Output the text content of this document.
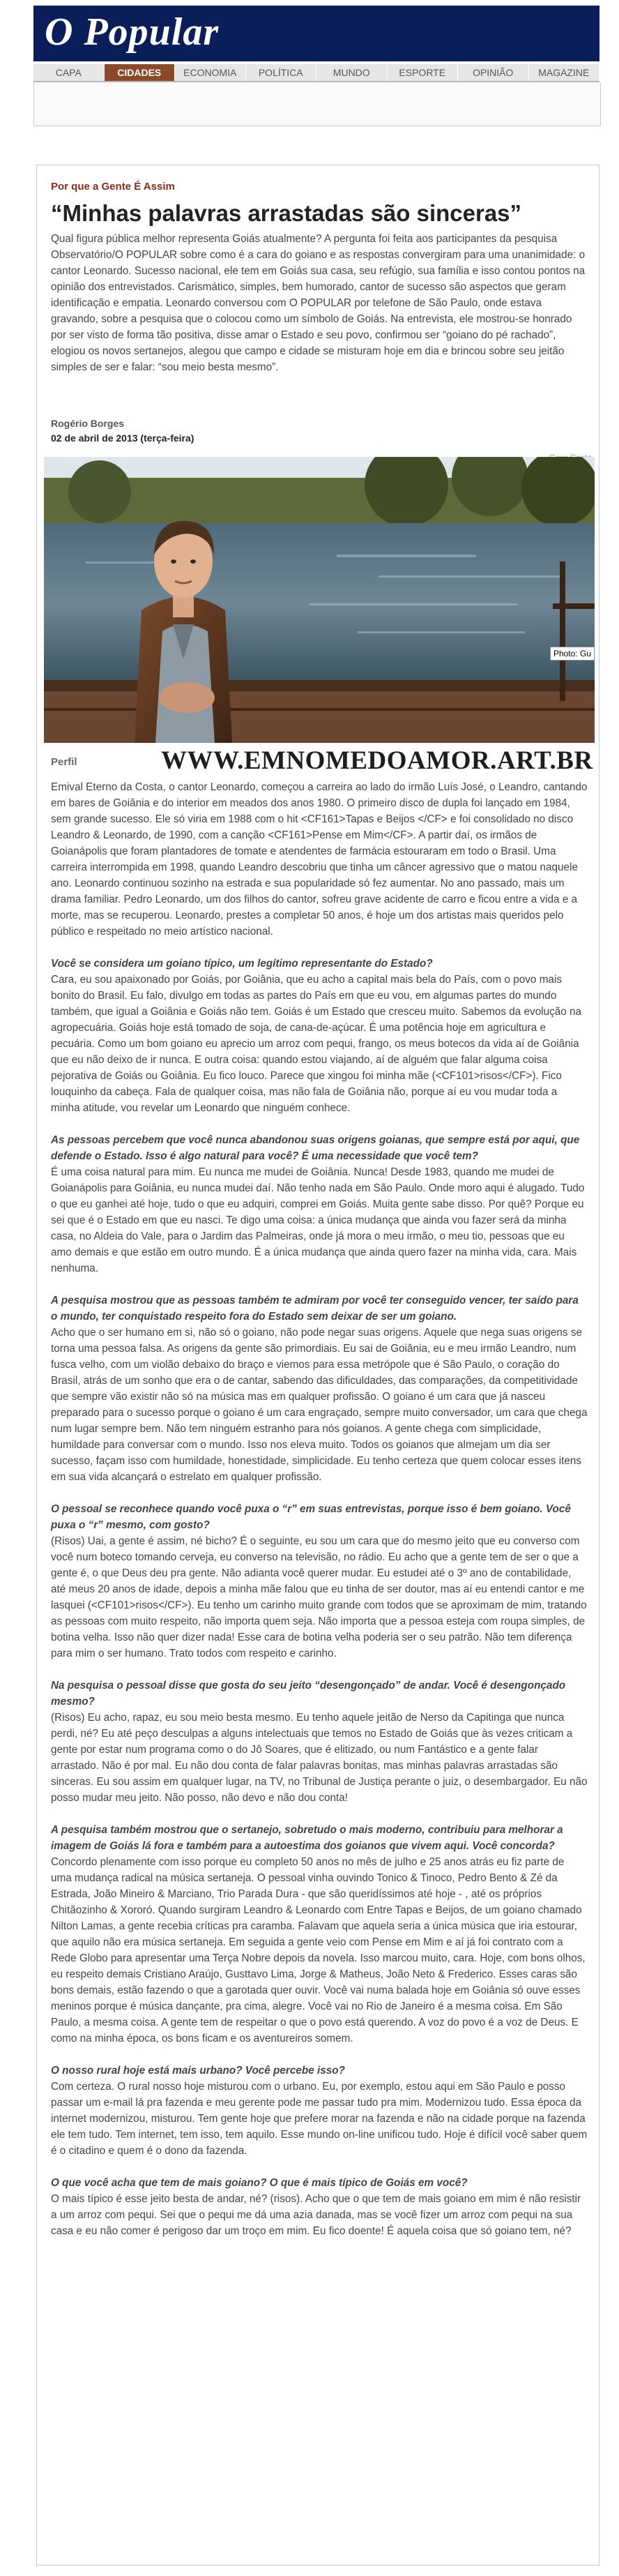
O Popular
CAPA	CIDADES	ECONOMIA	POLÍTICA	MUNDO	ESPORTE	OPINIÃO	MAGAZINE
Por que a Gente É Assim
“Minhas palavras arrastadas são sinceras”
Qual figura pública melhor representa Goiás atualmente? A pergunta foi feita aos participantes da pesquisa Observatório/O POPULAR sobre como é a cara do goiano e as respostas convergiram para uma unanimidade: o cantor Leonardo. Sucesso nacional, ele tem em Goiás sua casa, seu refúgio, sua família e isso contou pontos na opinião dos entrevistados. Carismático, simples, bem humorado, cantor de sucesso são aspectos que geram identificação e empatia. Leonardo conversou com O POPULAR por telefone de São Paulo, onde estava gravando, sobre a pesquisa que o colocou como um símbolo de Goiás. Na entrevista, ele mostrou-se honrado por ser visto de forma tão positiva, disse amar o Estado e seu povo, confirmou ser “goiano do pé rachado”, elogiou os novos sertanejos, alegou que campo e cidade se misturam hoje em dia e brincou sobre seu jeitão simples de ser e falar: “sou meio besta mesmo”.
Rogério Borges
02 de abril de 2013 (terça-feira)
Photo: Gu
Perfil	WWW.EMNOMEDOAMOR.ART.BR

Emival Eterno da Costa, o cantor Leonardo, começou a carreira ao lado do irmão Luís José, o Leandro, cantando em bares de Goiânia e do interior em meados dos anos 1980. O primeiro disco de dupla foi lançado em 1984, sem grande sucesso. Ele só viria em 1988 com o hit <CF161>Tapas e Beijos </CF> e foi consolidado no disco Leandro & Leonardo, de 1990, com a canção <CF161>Pense em Mim</CF>. A partir daí, os irmãos de Goianápolis que foram plantadores de tomate e atendentes de farmácia estouraram em todo o Brasil. Uma carreira interrompida em 1998, quando Leandro descobriu que tinha um câncer agressivo que o matou naquele ano. Leonardo continuou sozinho na estrada e sua popularidade só fez aumentar. No ano passado, mais um drama familiar. Pedro Leonardo, um dos filhos do cantor, sofreu grave acidente de carro e ficou entre a vida e a morte, mas se recuperou. Leonardo, prestes a completar 50 anos, é hoje um dos artistas mais queridos pelo público e respeitado no meio artístico nacional.

Você se considera um goiano típico, um legítimo representante do Estado?

Cara, eu sou apaixonado por Goiás, por Goiânia, que eu acho a capital mais bela do País, com o povo mais bonito do Brasil. Eu falo, divulgo em todas as partes do País em que eu vou, em algumas partes do mundo também, que igual a Goiânia e Goiás não tem. Goiás é um Estado que cresceu muito. Sabemos da evolução na agropecuária. Goiás hoje está tomado de soja, de cana-de-açúcar. É uma potência hoje em agricultura e pecuária. Como um bom goiano eu aprecio um arroz com pequi, frango, os meus botecos da vida aí de Goiânia que eu não deixo de ir nunca. E outra coisa: quando estou viajando, aí de alguém que falar alguma coisa pejorativa de Goiás ou Goiânia. Eu fico louco. Parece que xingou foi minha mãe (<CF101>risos</CF>). Fico louquinho da cabeça. Fala de qualquer coisa, mas não fala de Goiânia não, porque aí eu vou mudar toda a minha atitude, vou revelar um Leonardo que ninguém conhece.

As pessoas percebem que você nunca abandonou suas origens goianas, que sempre está por aqui, que defende o Estado. Isso é algo natural para você? É uma necessidade que você tem?

É uma coisa natural para mim. Eu nunca me mudei de Goiânia. Nunca! Desde 1983, quando me mudei de Goianápolis para Goiânia, eu nunca mudei daí. Não tenho nada em São Paulo. Onde moro aqui é alugado. Tudo o que eu ganhei até hoje, tudo o que eu adquiri, comprei em Goiás. Muita gente sabe disso. Por quê? Porque eu sei que é o Estado em que eu nasci. Te digo uma coisa: a única mudança que ainda vou fazer será da minha casa, no Aldeia do Vale, para o Jardim das Palmeiras, onde já mora o meu irmão, o meu tio, pessoas que eu amo demais e que estão em outro mundo. É a única mudança que ainda quero fazer na minha vida, cara. Mais nenhuma.

A pesquisa mostrou que as pessoas também te admiram por você ter conseguido vencer, ter saído para o mundo, ter conquistado respeito fora do Estado sem deixar de ser um goiano.

Acho que o ser humano em si, não só o goiano, não pode negar suas origens. Aquele que nega suas origens se torna uma pessoa falsa. As origens da gente são primordiais. Eu sai de Goiânia, eu e meu irmão Leandro, num fusca velho, com um violão debaixo do braço e viemos para essa metrópole que é São Paulo, o coração do Brasil, atrás de um sonho que era o de cantar, sabendo das dificuldades, das comparações, da competitividade que sempre vão existir não só na música mas em qualquer profissão. O goiano é um cara que já nasceu preparado para o sucesso porque o goiano é um cara engraçado, sempre muito conversador, um cara que chega num lugar sempre bem. Não tem ninguém estranho para nós goianos. A gente chega com simplicidade, humildade para conversar com o mundo. Isso nos eleva muito. Todos os goianos que almejam um dia ser sucesso, façam isso com humildade, honestidade, simplicidade. Eu tenho certeza que quem colocar esses itens em sua vida alcançará o estrelato em qualquer profissão.

O pessoal se reconhece quando você puxa o “r” em suas entrevistas, porque isso é bem goiano. Você puxa o “r” mesmo, com gosto?

(Risos) Uai, a gente é assim, né bicho? É o seguinte, eu sou um cara que do mesmo jeito que eu converso com você num boteco tomando cerveja, eu converso na televisão, no rádio. Eu acho que a gente tem de ser o que a gente é, o que Deus deu pra gente. Não adianta você querer mudar. Eu estudei até o 3º ano de contabilidade, até meus 20 anos de idade, depois a minha mãe falou que eu tinha de ser doutor, mas aí eu entendi cantor e me lasquei (<CF101>risos</CF>). Eu tenho um carinho muito grande com todos que se aproximam de mim, tratando as pessoas com muito respeito, não importa quem seja. Não importa que a pessoa esteja com roupa simples, de botina velha. Isso não quer dizer nada! Esse cara de botina velha poderia ser o seu patrão. Não tem diferença para mim o ser humano. Trato todos com respeito e carinho.

Na pesquisa o pessoal disse que gosta do seu jeito “desengonçado” de andar. Você é desengonçado mesmo?

(Risos) Eu acho, rapaz, eu sou meio besta mesmo. Eu tenho aquele jeitão de Nerso da Capitinga que nunca perdi, né? Eu até peço desculpas a alguns intelectuais que temos no Estado de Goiás que às vezes criticam a gente por estar num programa como o do Jô Soares, que é elitizado, ou num Fantástico e a gente falar arrastado. Não é por mal. Eu não dou conta de falar palavras bonitas, mas minhas palavras arrastadas são sinceras. Eu sou assim em qualquer lugar, na TV, no Tribunal de Justiça perante o juiz, o desembargador. Eu não posso mudar meu jeito. Não posso, não devo e não dou conta!

A pesquisa também mostrou que o sertanejo, sobretudo o mais moderno, contribuiu para melhorar a imagem de Goiás lá fora e também para a autoestima dos goianos que vivem aqui. Você concorda?

Concordo plenamente com isso porque eu completo 50 anos no mês de julho e 25 anos atrás eu fiz parte de uma mudança radical na música sertaneja. O pessoal vinha ouvindo Tonico & Tinoco, Pedro Bento & Zé da Estrada, João Mineiro & Marciano, Trio Parada Dura - que são queridíssimos até hoje - , até os próprios Chitãozinho & Xororó. Quando surgiram Leandro & Leonardo com Entre Tapas e Beijos, de um goiano chamado Nilton Lamas, a gente recebia críticas pra caramba. Falavam que aquela seria a única música que iria estourar, que aquilo não era música sertaneja. Em seguida a gente veio com Pense em Mim e aí já foi contrato com a Rede Globo para apresentar uma Terça Nobre depois da novela. Isso marcou muito, cara. Hoje, com bons olhos, eu respeito demais Cristiano Araújo, Gusttavo Lima, Jorge & Matheus, João Neto & Frederico. Esses caras são bons demais, estão fazendo o que a garotada quer ouvir. Você vai numa balada hoje em Goiânia só ouve esses meninos porque é música dançante, pra cima, alegre. Você vai no Rio de Janeiro é a mesma coisa. Em São Paulo, a mesma coisa. A gente tem de respeitar o que o povo está querendo. A voz do povo é a voz de Deus. E como na minha época, os bons ficam e os aventureiros somem.

O nosso rural hoje está mais urbano? Você percebe isso?

Com certeza. O rural nosso hoje misturou com o urbano. Eu, por exemplo, estou aqui em São Paulo e posso passar um e-mail lá pra fazenda e meu gerente pode me passar tudo pra mim. Modernizou tudo. Essa época da internet modernizou, misturou. Tem gente hoje que prefere morar na fazenda e não na cidade porque na fazenda ele tem tudo. Tem internet, tem isso, tem aquilo. Esse mundo on-line unificou tudo. Hoje é difícil você saber quem é o citadino e quem é o dono da fazenda.

O que você acha que tem de mais goiano? O que é mais típico de Goiás em você?

O mais típico é esse jeito besta de andar, né? (risos). Acho que o que tem de mais goiano em mim é não resistir a um arroz com pequi. Sei que o pequi me dá uma azia danada, mas se você fizer um arroz com pequi na sua casa e eu não comer é perigoso dar um troço em mim. Eu fico doente! É aquela coisa que só goiano tem, né?
